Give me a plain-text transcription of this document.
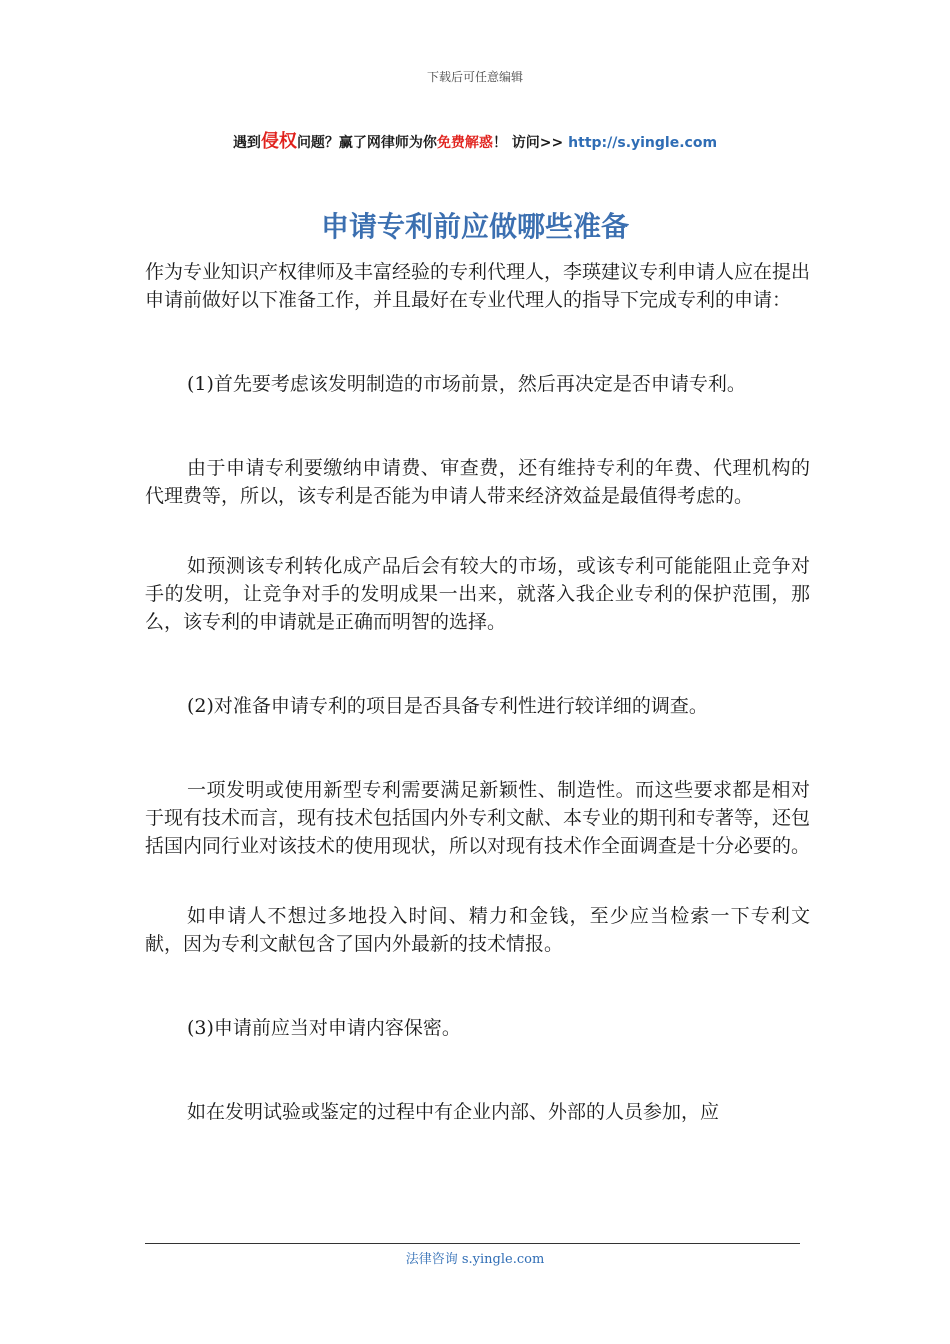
下载后可任意编辑
遇到侵权问题？赢了网律师为你免费解惑！ 访问>> http://s.yingle.com
申请专利前应做哪些准备

作为专业知识产权律师及丰富经验的专利代理人，李瑛建议专利申请人应在提出申请前做好以下准备工作，并且最好在专业代理人的指导下完成专利的申请：

(1)首先要考虑该发明制造的市场前景，然后再决定是否申请专利。

由于申请专利要缴纳申请费、审查费，还有维持专利的年费、代理机构的代理费等，所以，该专利是否能为申请人带来经济效益是最值得考虑的。

如预测该专利转化成产品后会有较大的市场，或该专利可能能阻止竞争对手的发明，让竞争对手的发明成果一出来，就落入我企业专利的保护范围，那么，该专利的申请就是正确而明智的选择。

(2)对准备申请专利的项目是否具备专利性进行较详细的调查。

一项发明或使用新型专利需要满足新颖性、制造性。而这些要求都是相对于现有技术而言，现有技术包括国内外专利文献、本专业的期刊和专著等，还包括国内同行业对该技术的使用现状，所以对现有技术作全面调查是十分必要的。

如申请人不想过多地投入时间、精力和金钱，至少应当检索一下专利文献，因为专利文献包含了国内外最新的技术情报。

(3)申请前应当对申请内容保密。

如在发明试验或鉴定的过程中有企业内部、外部的人员参加，应

法律咨询 s.yingle.com
